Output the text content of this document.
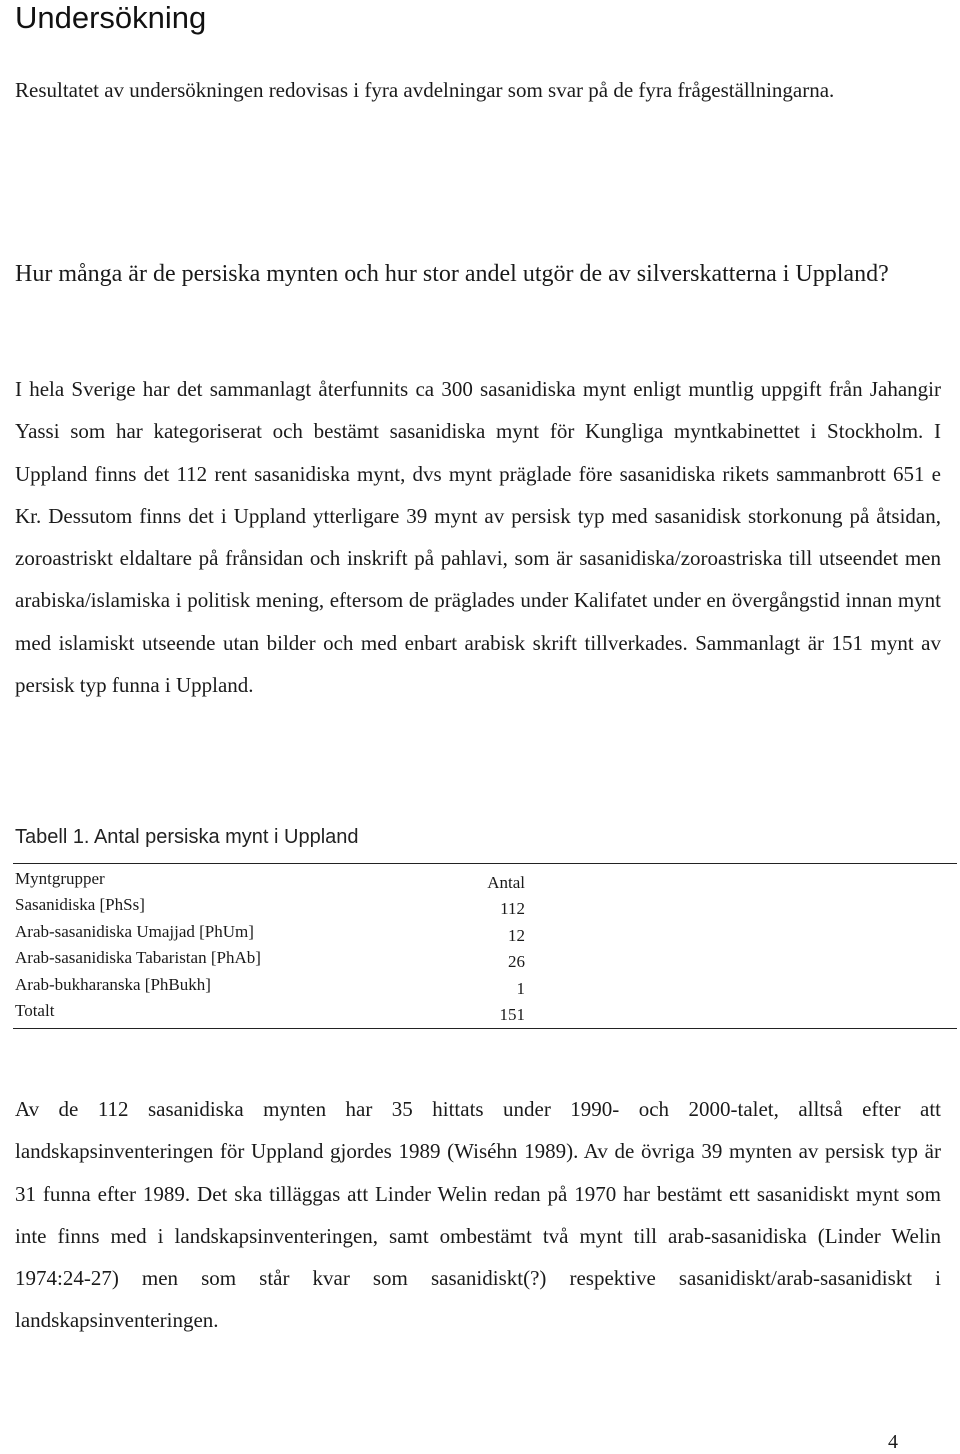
Undersökning

Resultatet av undersökningen redovisas i fyra avdelningar som svar på de fyra frågeställningarna.

Hur många är de persiska mynten och hur stor andel utgör de av silverskatterna i Uppland?

I hela Sverige har det sammanlagt återfunnits ca 300 sasanidiska mynt enligt muntlig uppgift från Jahangir Yassi som har kategoriserat och bestämt sasanidiska mynt för Kungliga myntkabinettet i Stockholm. I Uppland finns det 112 rent sasanidiska mynt, dvs mynt präglade före sasanidiska rikets sammanbrott 651 e Kr. Dessutom finns det i Uppland ytterligare 39 mynt av persisk typ med sasanidisk storkonung på åtsidan, zoroastriskt eldaltare på frånsidan och inskrift på pahlavi, som är sasanidiska/zoroastriska till utseendet men arabiska/islamiska i politisk mening, eftersom de präglades under Kalifatet under en övergångstid innan mynt med islamiskt utseende utan bilder och med enbart arabisk skrift tillverkades. Sammanlagt är 151 mynt av persisk typ funna i Uppland.

Tabell 1. Antal persiska mynt i Uppland
Myntgrupper	Antal
Sasanidiska [PhSs]	112
Arab-sasanidiska Umajjad [PhUm]	12
Arab-sasanidiska Tabaristan [PhAb]	26
Arab-bukharanska [PhBukh]	1
Totalt	151

Av de 112 sasanidiska mynten har 35 hittats under 1990- och 2000-talet, alltså efter att landskapsinventeringen för Uppland gjordes 1989 (Wiséhn 1989). Av de övriga 39 mynten av persisk typ är 31 funna efter 1989. Det ska tilläggas att Linder Welin redan på 1970 har bestämt ett sasanidiskt mynt som inte finns med i landskapsinventeringen, samt ombestämt två mynt till arab-sasanidiska (Linder Welin 1974:24-27) men som står kvar som sasanidiskt(?) respektive sasanidiskt/arab-sasanidiskt i landskapsinventeringen.

4
